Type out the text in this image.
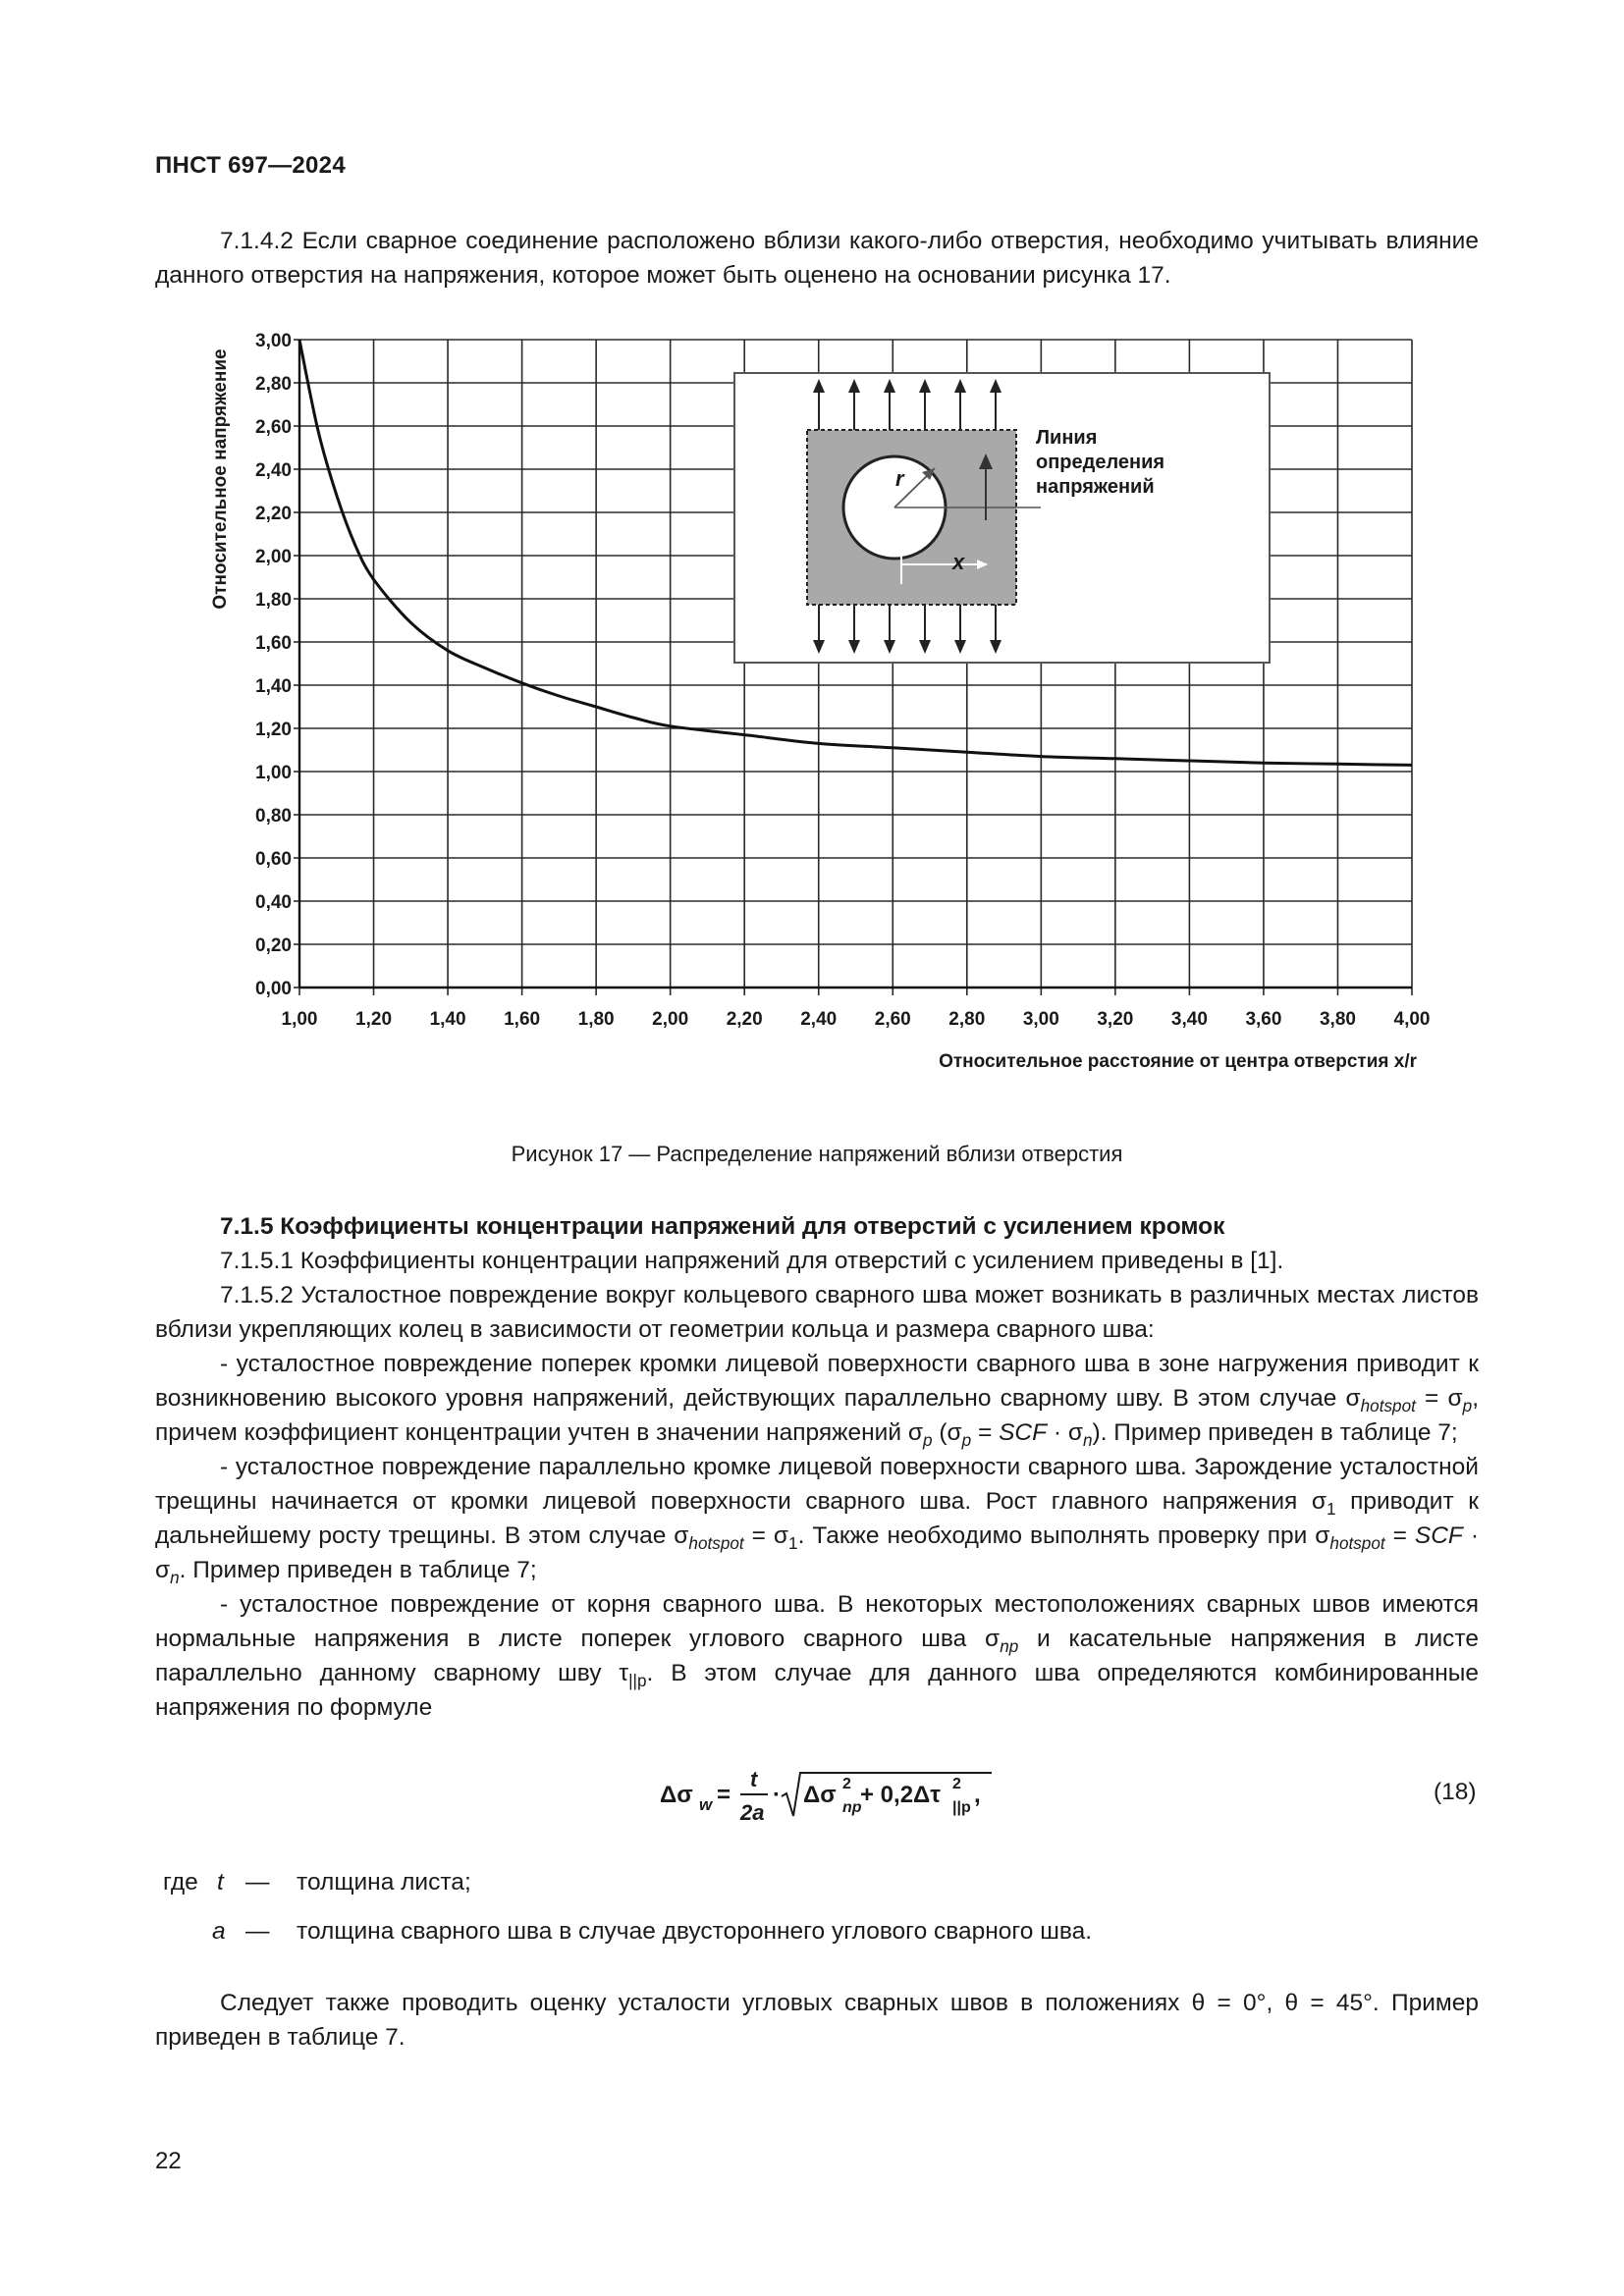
ПНСТ 697—2024
7.1.4.2 Если сварное соединение расположено вблизи какого-либо отверстия, необходимо учитывать влияние данного отверстия на напряжения, которое может быть оценено на основании рисунка 17.
r
x
Линия
определения
напряжений
1,00 1,20 1,40 1,60 1,80 2,00 2,20 2,40 2,60 2,80 3,00 3,20 3,40 3,60 3,80 4,00
0,00
0,20
0,40
0,60
0,80
1,00
1,20
1,40
1,60
1,80
2,00
2,20
2,40
2,60
2,80
3,00
Относительное расстояние от центра отверстия x/r
Относительное напряжение
Рисунок 17 — Распределение напряжений вблизи отверстия

7.1.5 Коэффициенты концентрации напряжений для отверстий с усилением кромок

7.1.5.1 Коэффициенты концентрации напряжений для отверстий с усилением приведены в [1].

7.1.5.2 Усталостное повреждение вокруг кольцевого сварного шва может возникать в различных местах листов вблизи укрепляющих колец в зависимости от геометрии кольца и размера сварного шва:

- усталостное повреждение поперек кромки лицевой поверхности сварного шва в зоне нагружения приводит к возникновению высокого уровня напряжений, действующих параллельно сварному шву. В этом случае $\sigma_{hotspot} = \sigma_p$, причем коэффициент концентрации учтен в значении напряжений $\sigma_p$ ($\sigma_p$ = SCF · $\sigma_n$). Пример приведен в таблице 7;

- усталостное повреждение параллельно кромке лицевой поверхности сварного шва. Зарождение усталостной трещины начинается от кромки лицевой поверхности сварного шва. Рост главного напряжения $\sigma_1$ приводит к дальнейшему росту трещины. В этом случае $\sigma_{hotspot} = \sigma_1$. Также необходимо выполнять проверку при $\sigma_{hotspot}$ = SCF · $\sigma_n$. Пример приведен в таблице 7;

- усталостное повреждение от корня сварного шва. В некоторых местоположениях сварных швов имеются нормальные напряжения в листе поперек углового сварного шва $\sigma_{np}$ и касательные напряжения в листе параллельно данному сварному шву $\tau_{||p}$. В этом случае для данного шва определяются комбинированные напряжения по формуле

Δσ w =
t
2a
· Δσ 2
np
+ 0,2Δτ 2
||p ,	(18)
где t — толщина листа;
a — толщина сварного шва в случае двустороннего углового сварного шва.
Следует также проводить оценку усталости угловых сварных швов в положениях θ = 0°, θ = 45°. Пример приведен в таблице 7.
22
